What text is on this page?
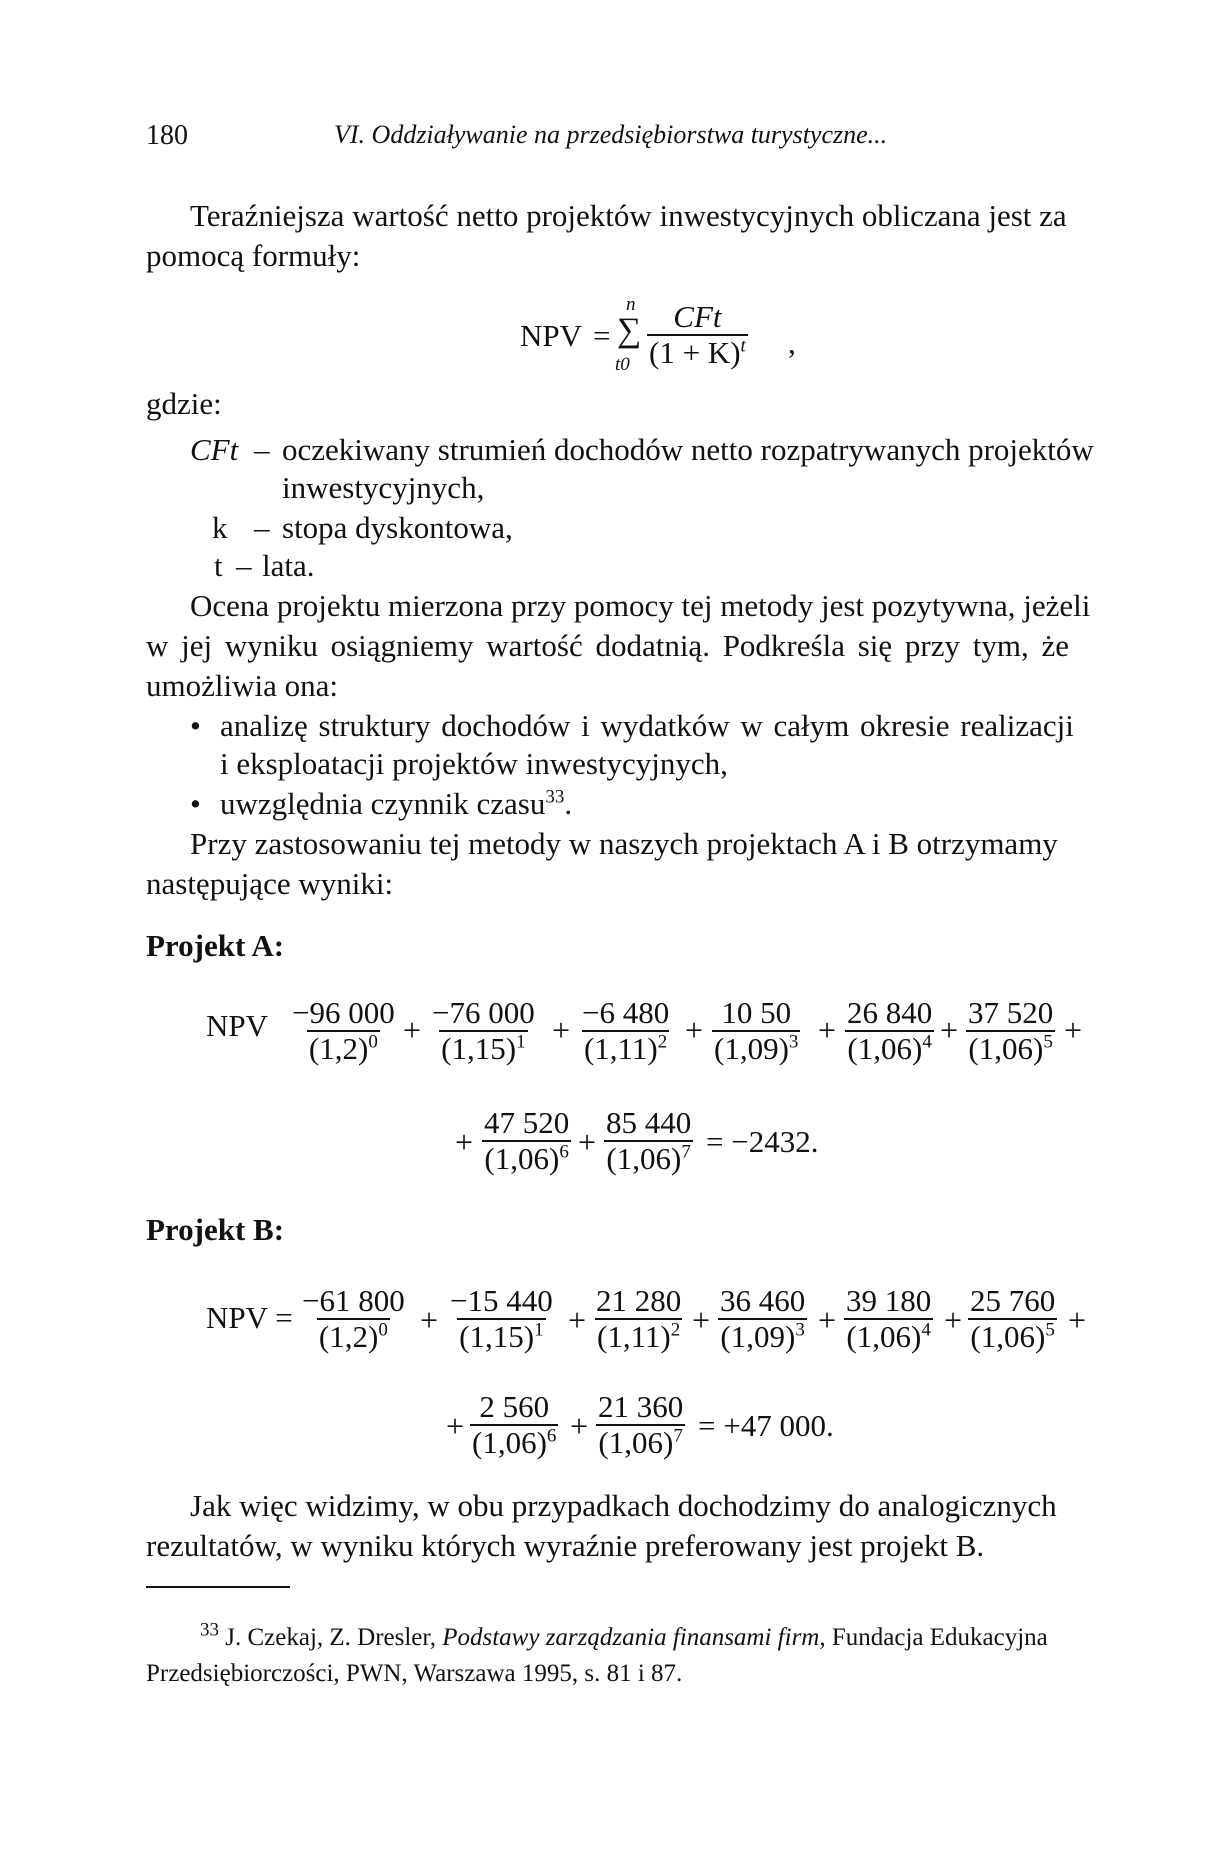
180	VI. Oddziaływanie na przedsiębiorstwa turystyczne...
Teraźniejsza wartość netto projektów inwestycyjnych obliczana jest za
pomocą formuły:
NPV = ∑
n
t0
CFt
$(1 + K)^t$ ,
gdzie:
CFt – oczekiwany strumień dochodów netto rozpatrywanych projektów
inwestycyjnych,
k – stopa dyskontowa,
t – lata.
Ocena projektu mierzona przy pomocy tej metody jest pozytywna, jeżeli
w jej wyniku osiągniemy wartość dodatnią. Podkreśla się przy tym, że
umożliwia ona:
• analizę struktury dochodów i wydatków w całym okresie realizacji
i eksploatacji projektów inwestycyjnych,
• uwzględnia czynnik czasu$^{33}$.
Przy zastosowaniu tej metody w naszych projektach A i B otrzymamy
następujące wyniki:
Projekt A:
NPV $\frac{-96 000}{(1,2)^0} + \frac{-76 000}{(1,15)^1} + \frac{-6 480}{(1,11)^2} + \frac{10 50}{(1,09)^3} + \frac{26 840}{(1,06)^4} + \frac{37 520}{(1,06)^5}$ +
+ $\frac{47 520}{(1,06)^6} + \frac{85 440}{(1,06)^7} = -2432$.
Projekt B:
NPV = $\frac{-61 800}{(1,2)^0} + \frac{-15 440}{(1,15)^1} + \frac{21 280}{(1,11)^2} + \frac{36 460}{(1,09)^3} + \frac{39 180}{(1,06)^4} + \frac{25 760}{(1,06)^5}$ +
+ $\frac{2 560}{(1,06)^6} + \frac{21 360}{(1,06)^7} = +47$ 000.
Jak więc widzimy, w obu przypadkach dochodzimy do analogicznych
rezultatów, w wyniku których wyraźnie preferowany jest projekt B.
$^{33}$ J. Czekaj, Z. Dresler, Podstawy zarządzania finansami firm, Fundacja Edukacyjna
Przedsiębiorczości, PWN, Warszawa 1995, s. 81 i 87.
